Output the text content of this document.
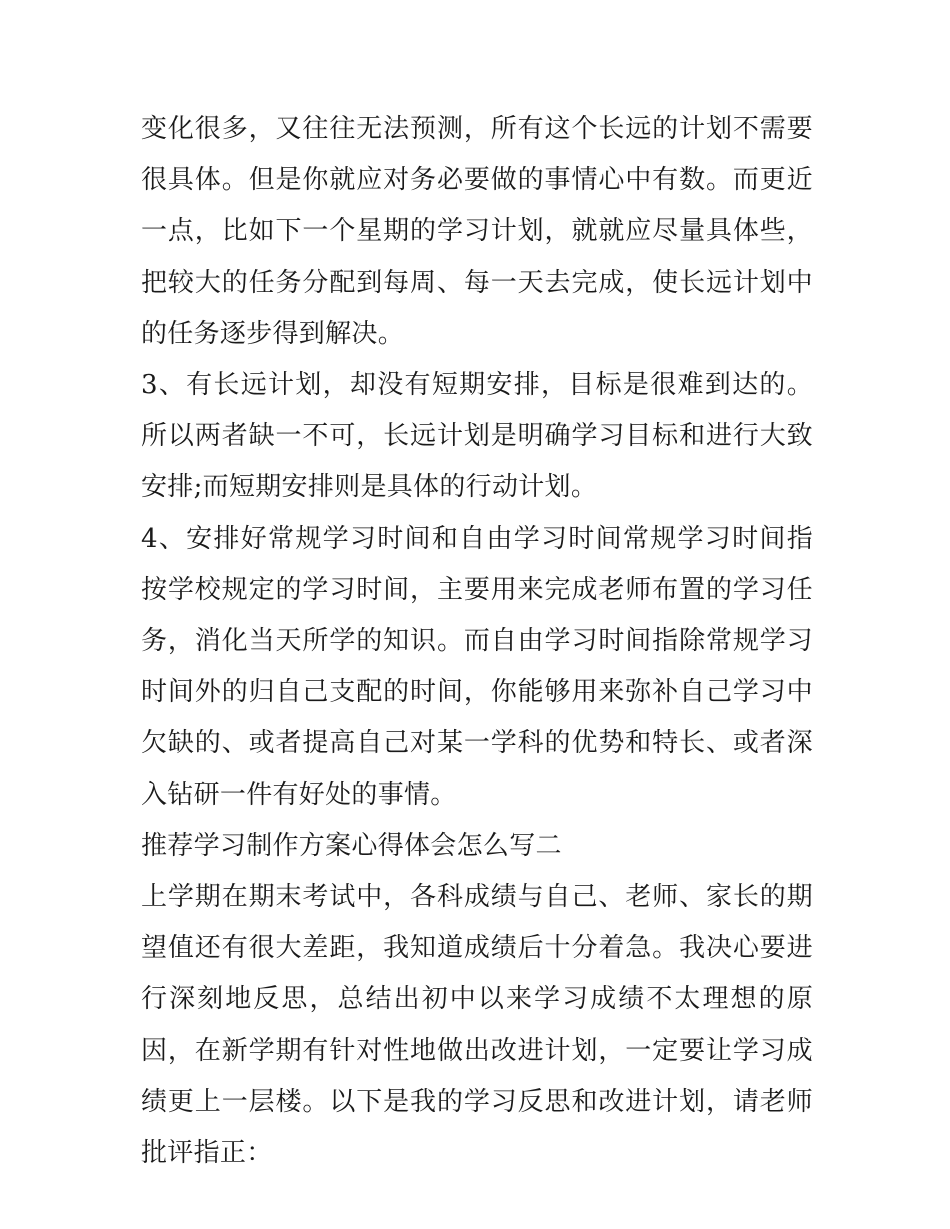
变化很多，又往往无法预测，所有这个长远的计划不需要很具体。但是你就应对务必要做的事情心中有数。而更近一点，比如下一个星期的学习计划，就就应尽量具体些，把较大的任务分配到每周、每一天去完成，使长远计划中的任务逐步得到解决。

3、有长远计划，却没有短期安排，目标是很难到达的。所以两者缺一不可，长远计划是明确学习目标和进行大致安排;而短期安排则是具体的行动计划。

4、安排好常规学习时间和自由学习时间常规学习时间指按学校规定的学习时间，主要用来完成老师布置的学习任务，消化当天所学的知识。而自由学习时间指除常规学习时间外的归自己支配的时间，你能够用来弥补自己学习中欠缺的、或者提高自己对某一学科的优势和特长、或者深入钻研一件有好处的事情。

推荐学习制作方案心得体会怎么写二

上学期在期末考试中，各科成绩与自己、老师、家长的期望值还有很大差距，我知道成绩后十分着急。我决心要进行深刻地反思，总结出初中以来学习成绩不太理想的原因，在新学期有针对性地做出改进计划，一定要让学习成绩更上一层楼。以下是我的学习反思和改进计划，请老师批评指正：
